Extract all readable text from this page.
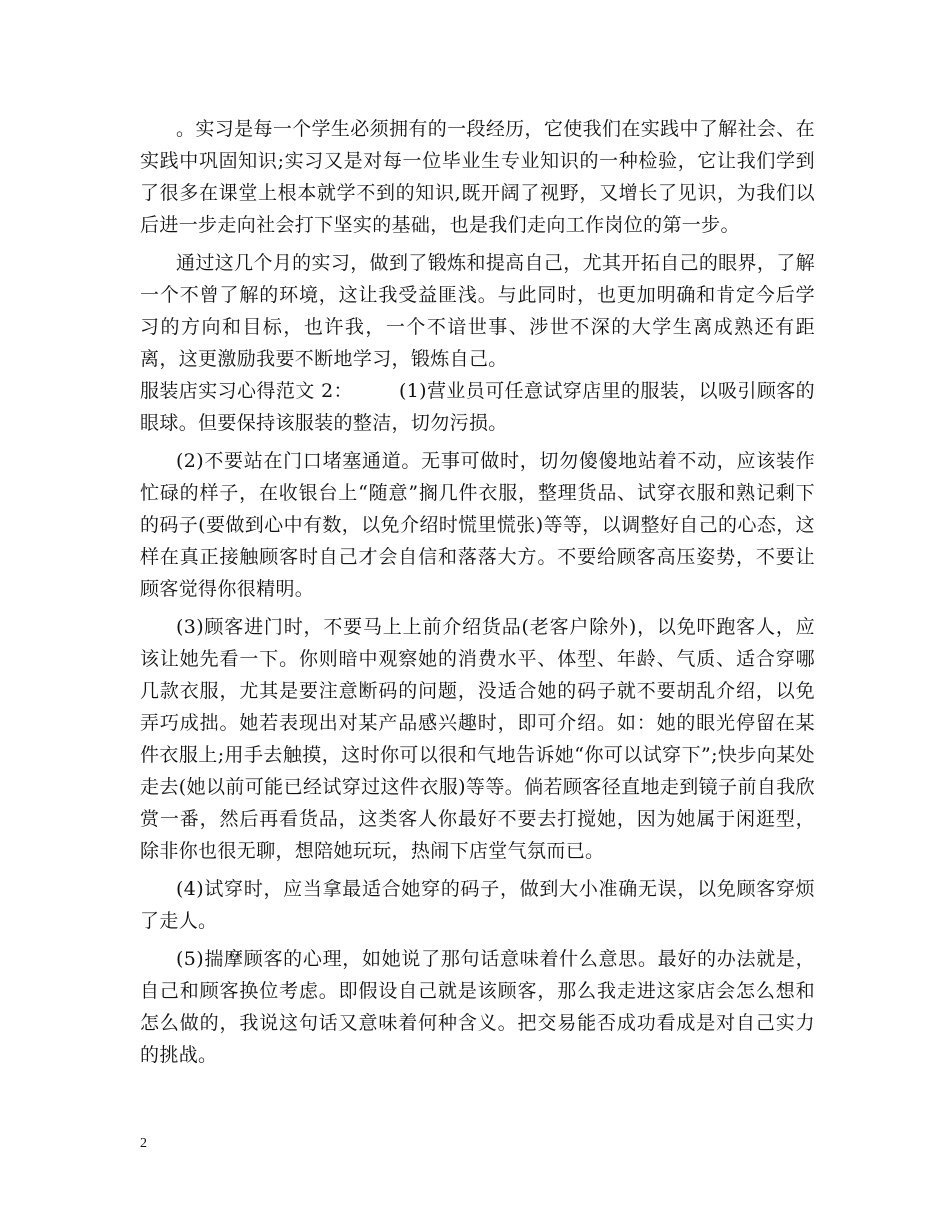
。实习是每一个学生必须拥有的一段经历，它使我们在实践中了解社会、在实践中巩固知识;实习又是对每一位毕业生专业知识的一种检验，它让我们学到了很多在课堂上根本就学不到的知识,既开阔了视野，又增长了见识，为我们以后进一步走向社会打下坚实的基础，也是我们走向工作岗位的第一步。

通过这几个月的实习，做到了锻炼和提高自己，尤其开拓自己的眼界，了解一个不曾了解的环境，这让我受益匪浅。与此同时，也更加明确和肯定今后学习的方向和目标，也许我，一个不谙世事、涉世不深的大学生离成熟还有距离，这更激励我要不断地学习，锻炼自己。

服装店实习心得范文 2： (1)营业员可任意试穿店里的服装，以吸引顾客的眼球。但要保持该服装的整洁，切勿污损。

(2)不要站在门口堵塞通道。无事可做时，切勿傻傻地站着不动，应该装作忙碌的样子，在收银台上“随意”搁几件衣服，整理货品、试穿衣服和熟记剩下的码子(要做到心中有数，以免介绍时慌里慌张)等等，以调整好自己的心态，这样在真正接触顾客时自己才会自信和落落大方。不要给顾客高压姿势，不要让顾客觉得你很精明。

(3)顾客进门时，不要马上上前介绍货品(老客户除外)，以免吓跑客人，应该让她先看一下。你则暗中观察她的消费水平、体型、年龄、气质、适合穿哪几款衣服，尤其是要注意断码的问题，没适合她的码子就不要胡乱介绍，以免弄巧成拙。她若表现出对某产品感兴趣时，即可介绍。如：她的眼光停留在某件衣服上;用手去触摸，这时你可以很和气地告诉她“你可以试穿下”;快步向某处走去(她以前可能已经试穿过这件衣服)等等。倘若顾客径直地走到镜子前自我欣赏一番，然后再看货品，这类客人你最好不要去打搅她，因为她属于闲逛型，除非你也很无聊，想陪她玩玩，热闹下店堂气氛而已。

(4)试穿时，应当拿最适合她穿的码子，做到大小准确无误，以免顾客穿烦了走人。

(5)揣摩顾客的心理，如她说了那句话意味着什么意思。最好的办法就是，自己和顾客换位考虑。即假设自己就是该顾客，那么我走进这家店会怎么想和怎么做的，我说这句话又意味着何种含义。把交易能否成功看成是对自己实力的挑战。

2
